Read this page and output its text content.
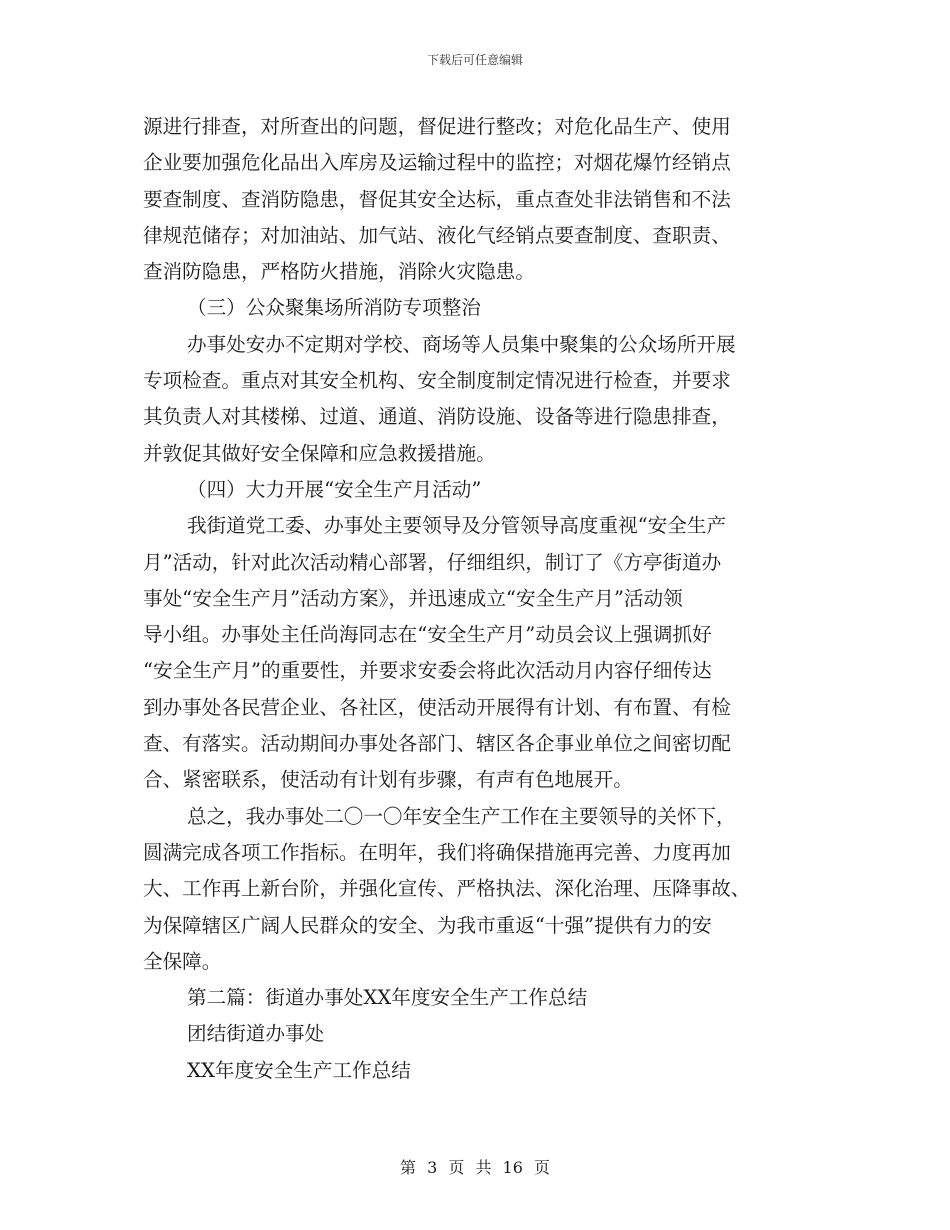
下载后可任意编辑
源进行排查，对所查出的问题，督促进行整改；对危化品生产、使用
企业要加强危化品出入库房及运输过程中的监控；对烟花爆竹经销点
要查制度、查消防隐患，督促其安全达标，重点查处非法销售和不法
律规范储存；对加油站、加气站、液化气经销点要查制度、查职责、
查消防隐患，严格防火措施，消除火灾隐患。
（三）公众聚集场所消防专项整治
办事处安办不定期对学校、商场等人员集中聚集的公众场所开展
专项检查。重点对其安全机构、安全制度制定情况进行检查，并要求
其负责人对其楼梯、过道、通道、消防设施、设备等进行隐患排查，
并敦促其做好安全保障和应急救援措施。
（四）大力开展“安全生产月活动”
我街道党工委、办事处主要领导及分管领导高度重视“安全生产
月”活动，针对此次活动精心部署，仔细组织，制订了《方亭街道办
事处“安全生产月”活动方案》，并迅速成立“安全生产月”活动领
导小组。办事处主任尚海同志在“安全生产月”动员会议上强调抓好
“安全生产月”的重要性，并要求安委会将此次活动月内容仔细传达
到办事处各民营企业、各社区，使活动开展得有计划、有布置、有检
查、有落实。活动期间办事处各部门、辖区各企事业单位之间密切配
合、紧密联系，使活动有计划有步骤，有声有色地展开。
总之，我办事处二〇一〇年安全生产工作在主要领导的关怀下，
圆满完成各项工作指标。在明年，我们将确保措施再完善、力度再加
大、工作再上新台阶，并强化宣传、严格执法、深化治理、压降事故、
为保障辖区广阔人民群众的安全、为我市重返“十强”提供有力的安
全保障。
第二篇：街道办事处XX年度安全生产工作总结
团结街道办事处
XX年度安全生产工作总结
第 3 页 共 16 页
